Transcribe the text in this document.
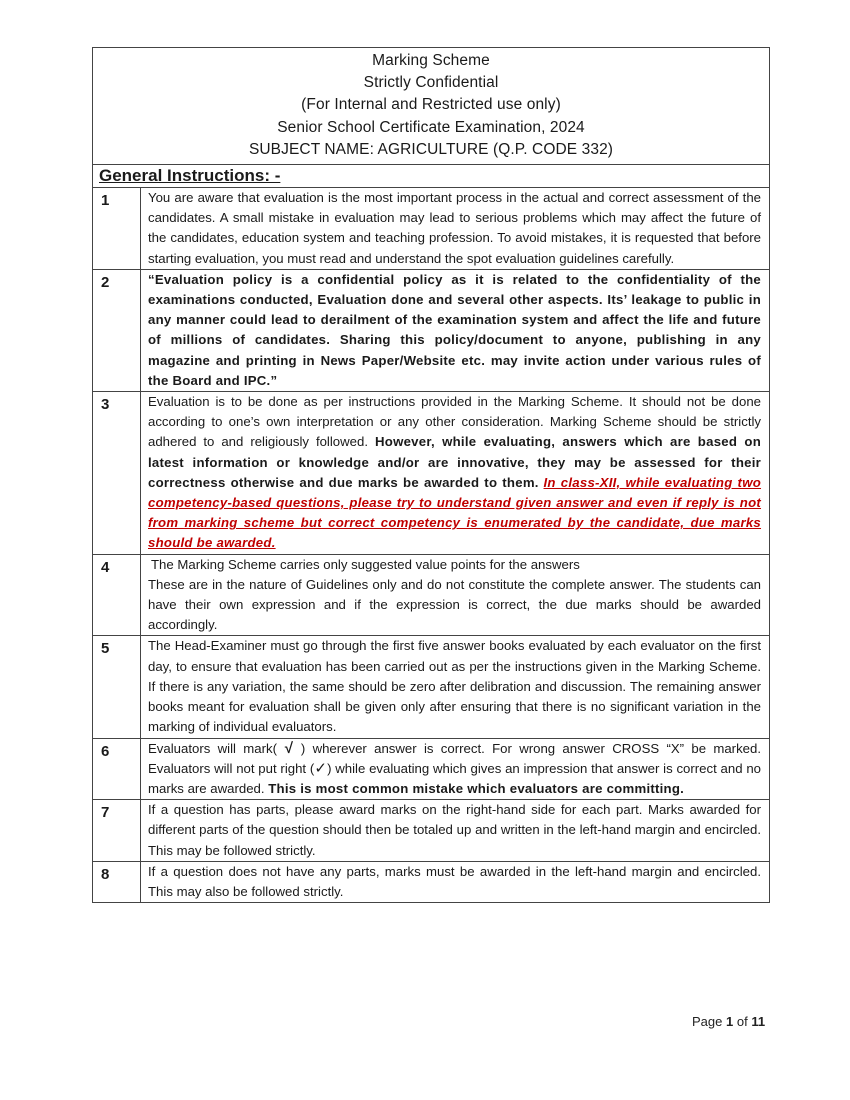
Marking Scheme
Strictly Confidential
(For Internal and Restricted use only)
Senior School Certificate Examination, 2024
SUBJECT NAME: AGRICULTURE (Q.P. CODE 332)	

General Instructions: -	
1	You are aware that evaluation is the most important process in the actual and correct assessment of the candidates. A small mistake in evaluation may lead to serious problems which may affect the future of the candidates, education system and teaching profession. To avoid mistakes, it is requested that before starting evaluation, you must read and understand the spot evaluation guidelines carefully.
2	“Evaluation policy is a confidential policy as it is related to the confidentiality of the examinations conducted, Evaluation done and several other aspects. Its’ leakage to public in any manner could lead to derailment of the examination system and affect the life and future of millions of candidates. Sharing this policy/document to anyone, publishing in any magazine and printing in News Paper/Website etc. may invite action under various rules of the Board and IPC.”
3	Evaluation is to be done as per instructions provided in the Marking Scheme. It should not be done according to one’s own interpretation or any other consideration. Marking Scheme should be strictly adhered to and religiously followed. However, while evaluating, answers which are based on latest information or knowledge and/or are innovative, they may be assessed for their correctness otherwise and due marks be awarded to them. In class-XII, while evaluating two competency-based questions, please try to understand given answer and even if reply is not from marking scheme but correct competency is enumerated by the candidate, due marks should be awarded.
4	The Marking Scheme carries only suggested value points for the answers
These are in the nature of Guidelines only and do not constitute the complete answer. The students can have their own expression and if the expression is correct, the due marks should be awarded accordingly.

5	The Head-Examiner must go through the first five answer books evaluated by each evaluator on the first day, to ensure that evaluation has been carried out as per the instructions given in the Marking Scheme. If there is any variation, the same should be zero after delibration and discussion. The remaining answer books meant for evaluation shall be given only after ensuring that there is no significant variation in the marking of individual evaluators.
6	Evaluators will mark( √ ) wherever answer is correct. For wrong answer CROSS “X” be marked. Evaluators will not put right (✓) while evaluating which gives an impression that answer is correct and no marks are awarded. This is most common mistake which evaluators are committing.
7	If a question has parts, please award marks on the right-hand side for each part. Marks awarded for different parts of the question should then be totaled up and written in the left-hand margin and encircled. This may be followed strictly.
8	If a question does not have any parts, marks must be awarded in the left-hand margin and encircled. This may also be followed strictly.
Page 1 of 11
